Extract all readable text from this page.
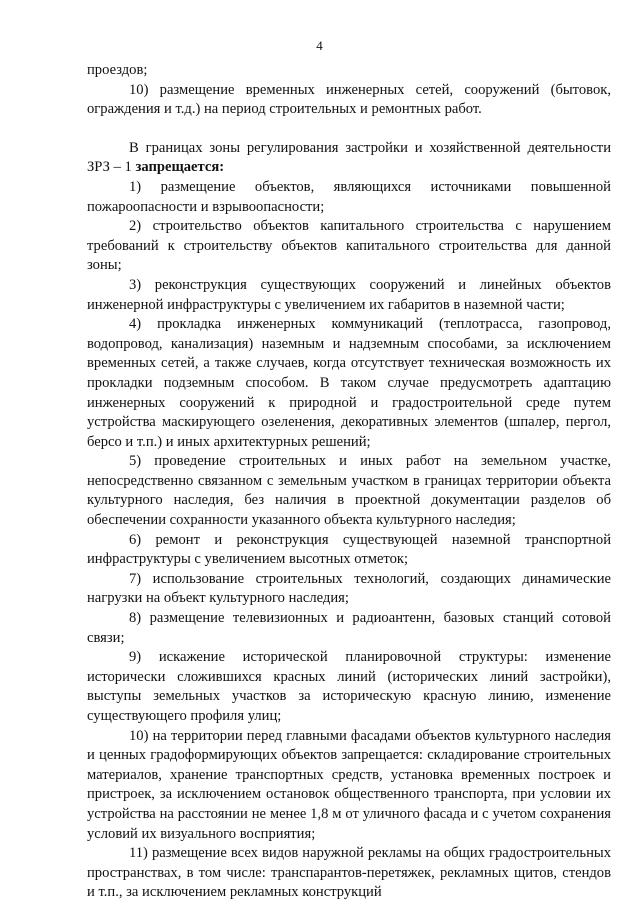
4

проездов;

10) размещение временных инженерных сетей, сооружений (бытовок, ограждения и т.д.) на период строительных и ремонтных работ.

В границах зоны регулирования застройки и хозяйственной деятельности ЗРЗ – 1 запрещается:

1) размещение объектов, являющихся источниками повышенной пожароопасности и взрывоопасности;

2) строительство объектов капитального строительства с нарушением требований к строительству объектов капитального строительства для данной зоны;

3) реконструкция существующих сооружений и линейных объектов инженерной инфраструктуры с увеличением их габаритов в наземной части;

4) прокладка инженерных коммуникаций (теплотрасса, газопровод, водопровод, канализация) наземным и надземным способами, за исключением временных сетей, а также случаев, когда отсутствует техническая возможность их прокладки подземным способом. В таком случае предусмотреть адаптацию инженерных сооружений к природной и градостроительной среде путем устройства маскирующего озеленения, декоративных элементов (шпалер, пергол, берсо и т.п.) и иных архитектурных решений;

5) проведение строительных и иных работ на земельном участке, непосредственно связанном с земельным участком в границах территории объекта культурного наследия, без наличия в проектной документации разделов об обеспечении сохранности указанного объекта культурного наследия;

6) ремонт и реконструкция существующей наземной транспортной инфраструктуры с увеличением высотных отметок;

7) использование строительных технологий, создающих динамические нагрузки на объект культурного наследия;

8) размещение телевизионных и радиоантенн, базовых станций сотовой связи;

9) искажение исторической планировочной структуры: изменение исторически сложившихся красных линий (исторических линий застройки), выступы земельных участков за историческую красную линию, изменение существующего профиля улиц;

10) на территории перед главными фасадами объектов культурного наследия и ценных градоформирующих объектов запрещается: складирование строительных материалов, хранение транспортных средств, установка временных построек и пристроек, за исключением остановок общественного транспорта, при условии их устройства на расстоянии не менее 1,8 м от уличного фасада и с учетом сохранения условий их визуального восприятия;

11) размещение всех видов наружной рекламы на общих градостроительных пространствах, в том числе: транспарантов-перетяжек, рекламных щитов, стендов и т.п., за исключением рекламных конструкций
